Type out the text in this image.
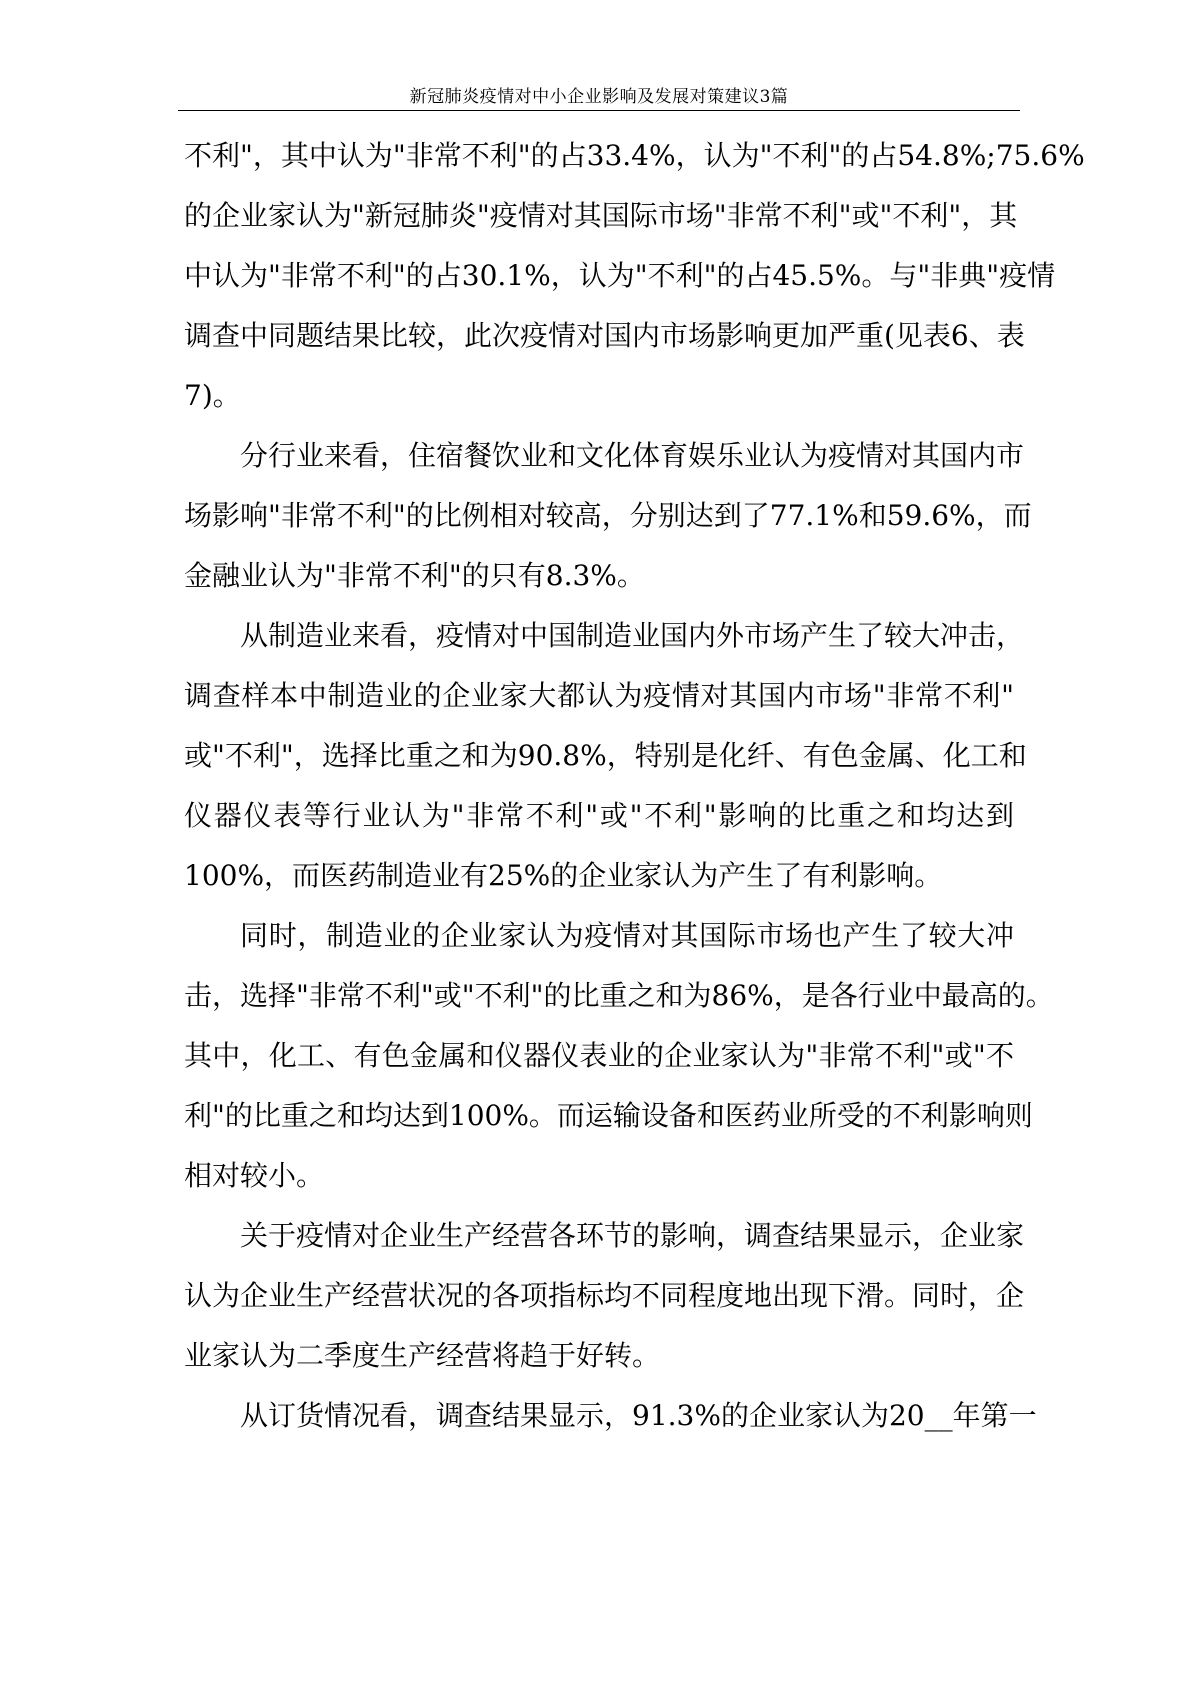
新冠肺炎疫情对中小企业影响及发展对策建议3篇
不利"，其中认为"非常不利"的占33.4%，认为"不利"的占54.8%;75.6%
的企业家认为"新冠肺炎"疫情对其国际市场"非常不利"或"不利"，其
中认为"非常不利"的占30.1%，认为"不利"的占45.5%。与"非典"疫情
调查中同题结果比较，此次疫情对国内市场影响更加严重(见表6、表
7)。
分行业来看，住宿餐饮业和文化体育娱乐业认为疫情对其国内市
场影响"非常不利"的比例相对较高，分别达到了77.1%和59.6%，而
金融业认为"非常不利"的只有8.3%。
从制造业来看，疫情对中国制造业国内外市场产生了较大冲击，
调查样本中制造业的企业家大都认为疫情对其国内市场"非常不利"
或"不利"，选择比重之和为90.8%，特别是化纤、有色金属、化工和
仪器仪表等行业认为"非常不利"或"不利"影响的比重之和均达到
100%，而医药制造业有25%的企业家认为产生了有利影响。
同时，制造业的企业家认为疫情对其国际市场也产生了较大冲
击，选择"非常不利"或"不利"的比重之和为86%，是各行业中最高的。
其中，化工、有色金属和仪器仪表业的企业家认为"非常不利"或"不
利"的比重之和均达到100%。而运输设备和医药业所受的不利影响则
相对较小。
关于疫情对企业生产经营各环节的影响，调查结果显示，企业家
认为企业生产经营状况的各项指标均不同程度地出现下滑。同时，企
业家认为二季度生产经营将趋于好转。
从订货情况看，调查结果显示，91.3%的企业家认为20__年第一
